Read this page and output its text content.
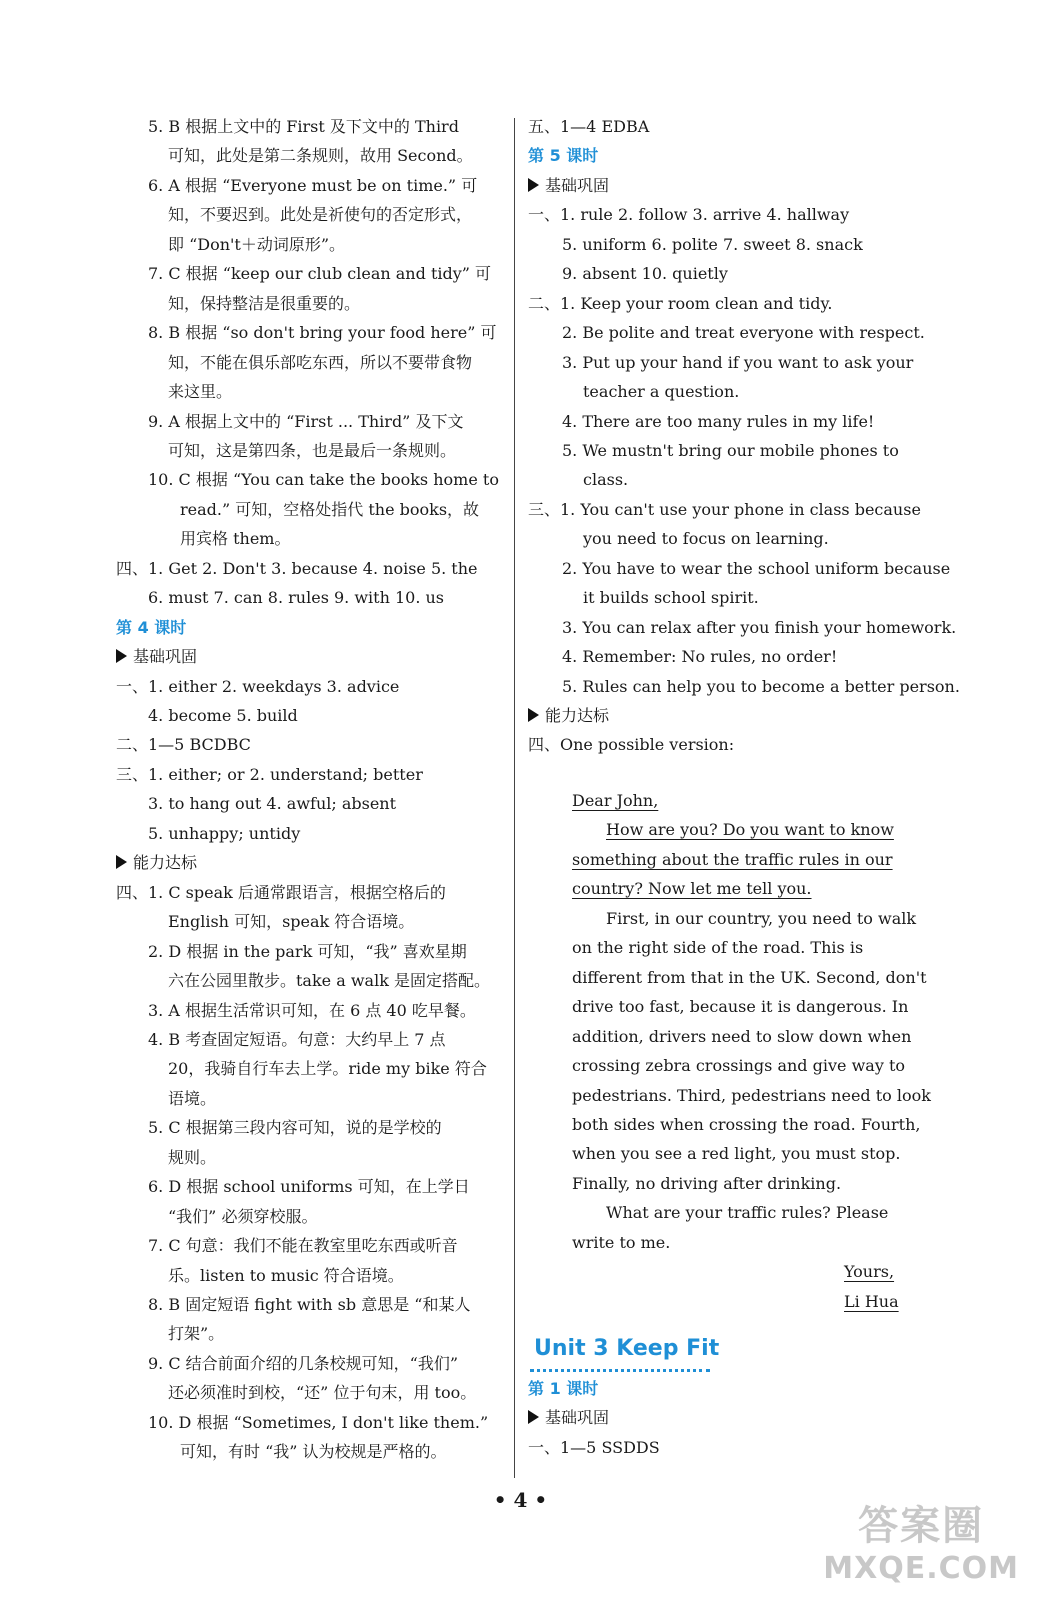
5. B 根据上文中的 First 及下文中的 Third
可知，此处是第二条规则，故用 Second。
6. A 根据 “Everyone must be on time.” 可
知，不要迟到。此处是祈使句的否定形式，
即 “Don't＋动词原形”。
7. C 根据 “keep our club clean and tidy” 可
知，保持整洁是很重要的。
8. B 根据 “so don't bring your food here” 可
知，不能在俱乐部吃东西，所以不要带食物
来这里。
9. A 根据上文中的 “First ... Third” 及下文
可知，这是第四条，也是最后一条规则。
10. C 根据 “You can take the books home to
read.” 可知，空格处指代 the books，故
用宾格 them。
四、1. Get 2. Don't 3. because 4. noise 5. the
6. must 7. can 8. rules 9. with 10. us
第 4 课时
基础巩固
一、1. either 2. weekdays 3. advice
4. become 5. build
二、1—5 BCDBC
三、1. either; or 2. understand; better
3. to hang out 4. awful; absent
5. unhappy; untidy
能力达标
四、1. C speak 后通常跟语言，根据空格后的
English 可知，speak 符合语境。
2. D 根据 in the park 可知，“我” 喜欢星期
六在公园里散步。take a walk 是固定搭配。
3. A 根据生活常识可知，在 6 点 40 吃早餐。
4. B 考查固定短语。句意：大约早上 7 点
20，我骑自行车去上学。ride my bike 符合
语境。
5. C 根据第三段内容可知，说的是学校的
规则。
6. D 根据 school uniforms 可知，在上学日
“我们” 必须穿校服。
7. C 句意：我们不能在教室里吃东西或听音
乐。listen to music 符合语境。
8. B 固定短语 fight with sb 意思是 “和某人
打架”。
9. C 结合前面介绍的几条校规可知，“我们”
还必须准时到校，“还” 位于句末，用 too。
10. D 根据 “Sometimes, I don't like them.”
可知，有时 “我” 认为校规是严格的。
五、1—4 EDBA
第 5 课时
基础巩固
一、1. rule 2. follow 3. arrive 4. hallway
5. uniform 6. polite 7. sweet 8. snack
9. absent 10. quietly
二、1. Keep your room clean and tidy.
2. Be polite and treat everyone with respect.
3. Put up your hand if you want to ask your
teacher a question.
4. There are too many rules in my life!
5. We mustn't bring our mobile phones to
class.
三、1. You can't use your phone in class because
you need to focus on learning.
2. You have to wear the school uniform because
it builds school spirit.
3. You can relax after you finish your homework.
4. Remember: No rules, no order!
5. Rules can help you to become a better person.
能力达标
四、One possible version:
Dear John,
How are you? Do you want to know
something about the traffic rules in our
country? Now let me tell you.
First, in our country, you need to walk
on the right side of the road. This is
different from that in the UK. Second, don't
drive too fast, because it is dangerous. In
addition, drivers need to slow down when
crossing zebra crossings and give way to
pedestrians. Third, pedestrians need to look
both sides when crossing the road. Fourth,
when you see a red light, you must stop.
Finally, no driving after drinking.
What are your traffic rules? Please
write to me.
Yours,
Li Hua
第 1 课时
基础巩固
一、1—5 SSDDS
Unit 3 Keep Fit
• 4 •
答案圈
MXQE.COM
